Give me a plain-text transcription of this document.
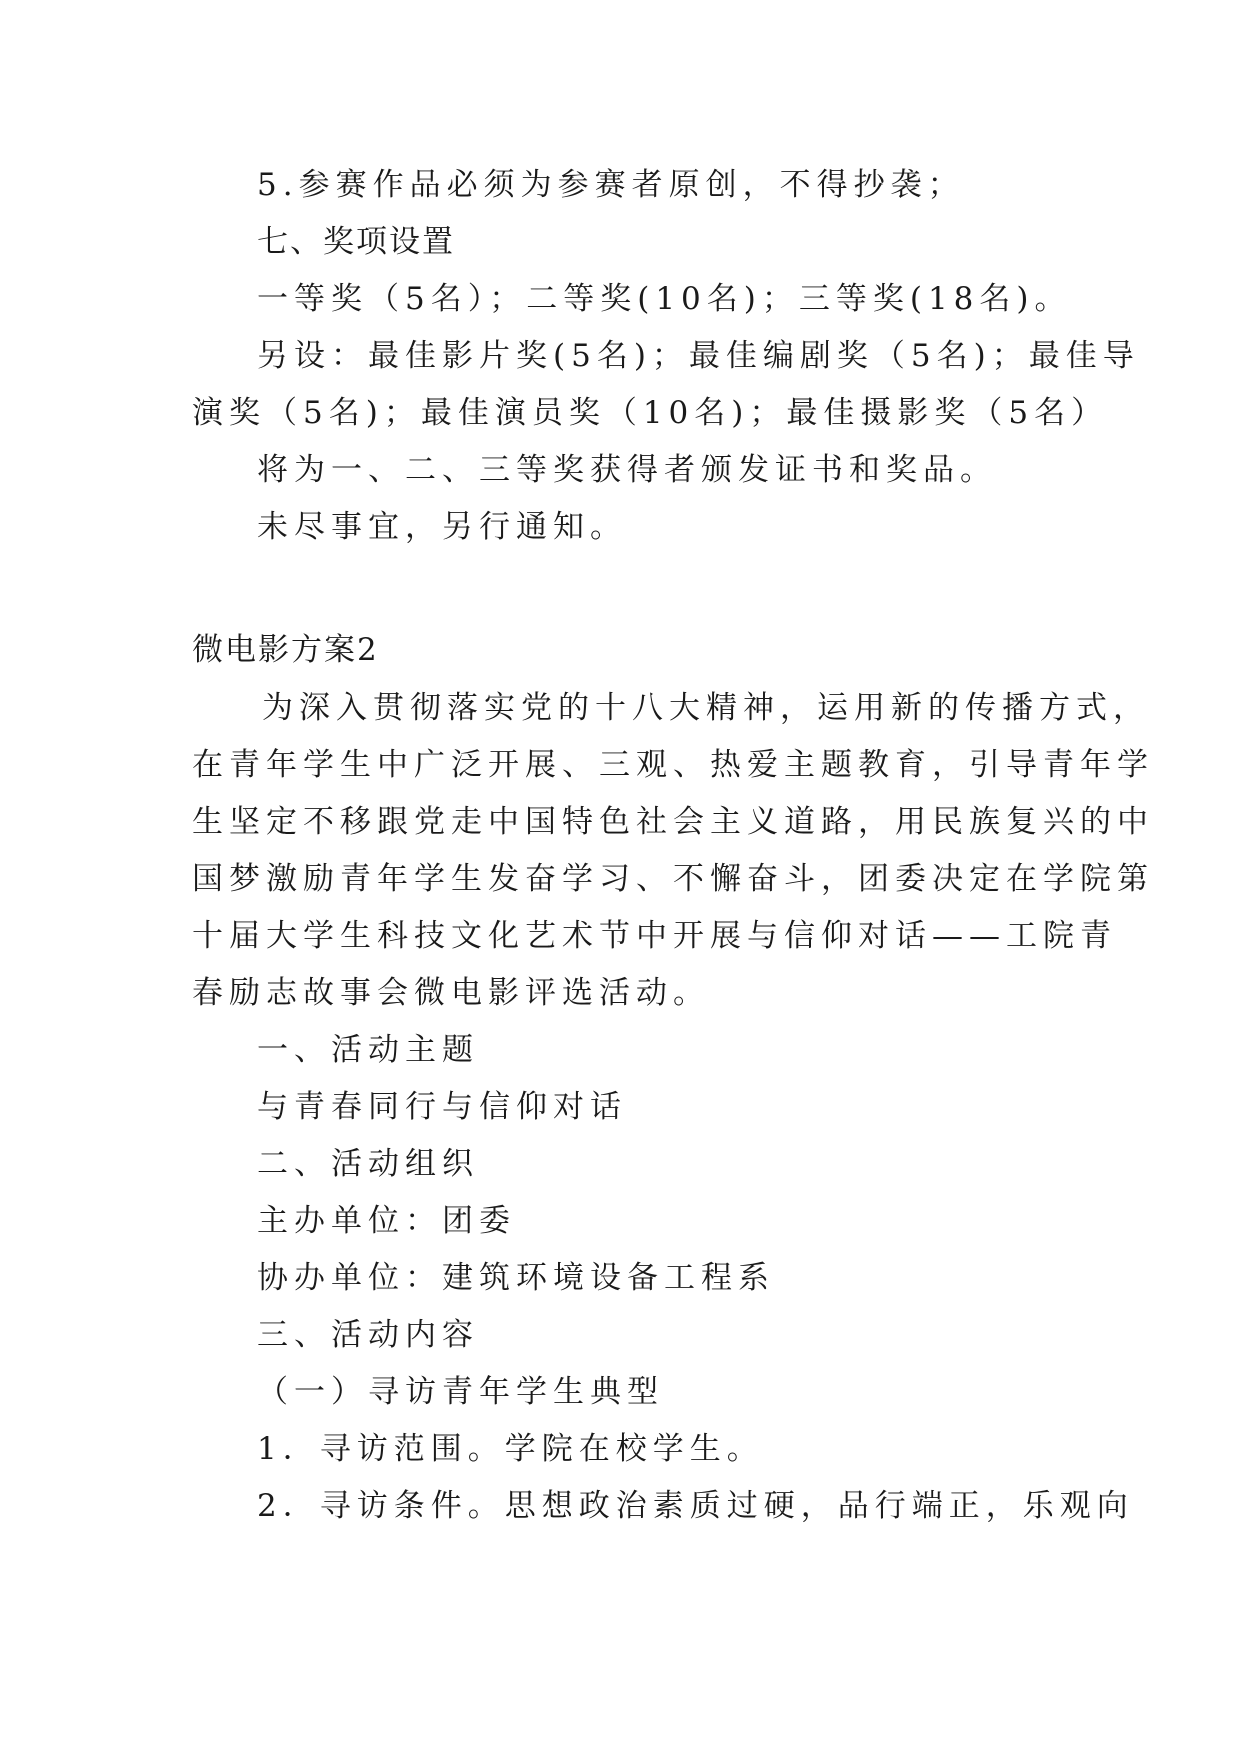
5.参赛作品必须为参赛者原创，不得抄袭；
七、奖项设置
一等奖（5名）；二等奖(10名)；三等奖(18名)。
另设：最佳影片奖(5名)；最佳编剧奖（5名)；最佳导
演奖（5名)；最佳演员奖（10名)；最佳摄影奖（5名）
将为一、二、三等奖获得者颁发证书和奖品。
未尽事宜，另行通知。
微电影方案2
为深入贯彻落实党的十八大精神，运用新的传播方式，
在青年学生中广泛开展、三观、热爱主题教育，引导青年学
生坚定不移跟党走中国特色社会主义道路，用民族复兴的中
国梦激励青年学生发奋学习、不懈奋斗，团委决定在学院第
十届大学生科技文化艺术节中开展与信仰对话——工院青
春励志故事会微电影评选活动。
一、活动主题
与青春同行与信仰对话
二、活动组织
主办单位：团委
协办单位：建筑环境设备工程系
三、活动内容
（一）寻访青年学生典型
1．寻访范围。学院在校学生。
2．寻访条件。思想政治素质过硬，品行端正，乐观向
